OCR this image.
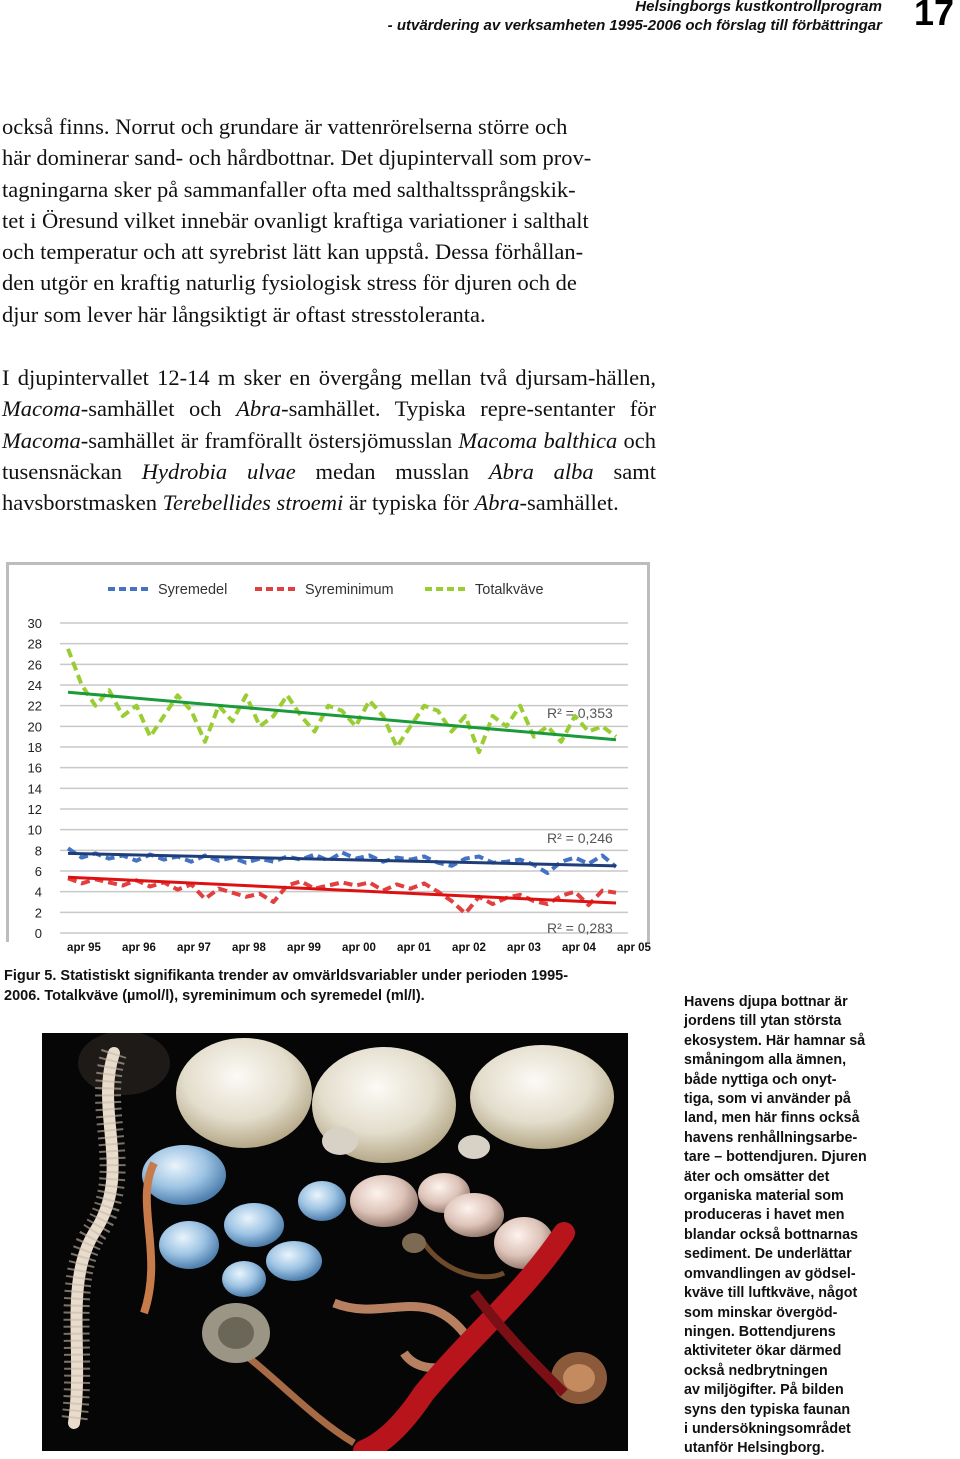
Helsingborgs kustkontrollprogram
- utvärdering av verksamheten 1995-2006 och förslag till förbättringar 17
också finns. Norrut och grundare är vattenrörelserna större och
här dominerar sand- och hårdbottnar. Det djupintervall som prov-
tagningarna sker på sammanfaller ofta med salthaltssprångskik-
tet i Öresund vilket innebär ovanligt kraftiga variationer i salthalt
och temperatur och att syrebrist lätt kan uppstå. Dessa förhållan-
den utgör en kraftig naturlig fysiologisk stress för djuren och de
djur som lever här långsiktigt är oftast stresstoleranta.

I djupintervallet 12-14 m sker en övergång mellan två djursam-hällen, Macoma-samhället och Abra-samhället. Typiska repre-sentanter för Macoma-samhället är framförallt östersjömusslan Macoma balthica och tusensnäckan Hydrobia ulvae medan musslan Abra alba samt havsborstmasken Terebellides stroemi är typiska för Abra-samhället.

0
2
4
6
8
10
12
14
16
18
20
22
24
26
28
30
apr 95 apr 96 apr 97 apr 98 apr 99 apr 00 apr 01 apr 02 apr 03 apr 04 apr 05
Syremedel	Syreminimum	Totalkväve
R² = 0,353
R² = 0,246
R² = 0,283
Figur 5. Statistiskt signifikanta trender av omvärldsvariabler under perioden 1995-
2006. Totalkväve (µmol/l), syreminimum och syremedel (ml/l).	Havens djupa bottnar är
jordens till ytan största
ekosystem. Här hamnar så
småningom alla ämnen,
både nyttiga och onyt-
tiga, som vi använder på
land, men här finns också
havens renhållningsarbe-
tare – bottendjuren. Djuren
äter och omsätter det
organiska material som
produceras i havet men
blandar också bottnarnas
sediment. De underlättar
omvandlingen av gödsel-
kväve till luftkväve, något
som minskar övergöd-
ningen. Bottendjurens
aktiviteter ökar därmed
också nedbrytningen
av miljögifter. På bilden
syns den typiska faunan
i undersökningsområdet
utanför Helsingborg.
